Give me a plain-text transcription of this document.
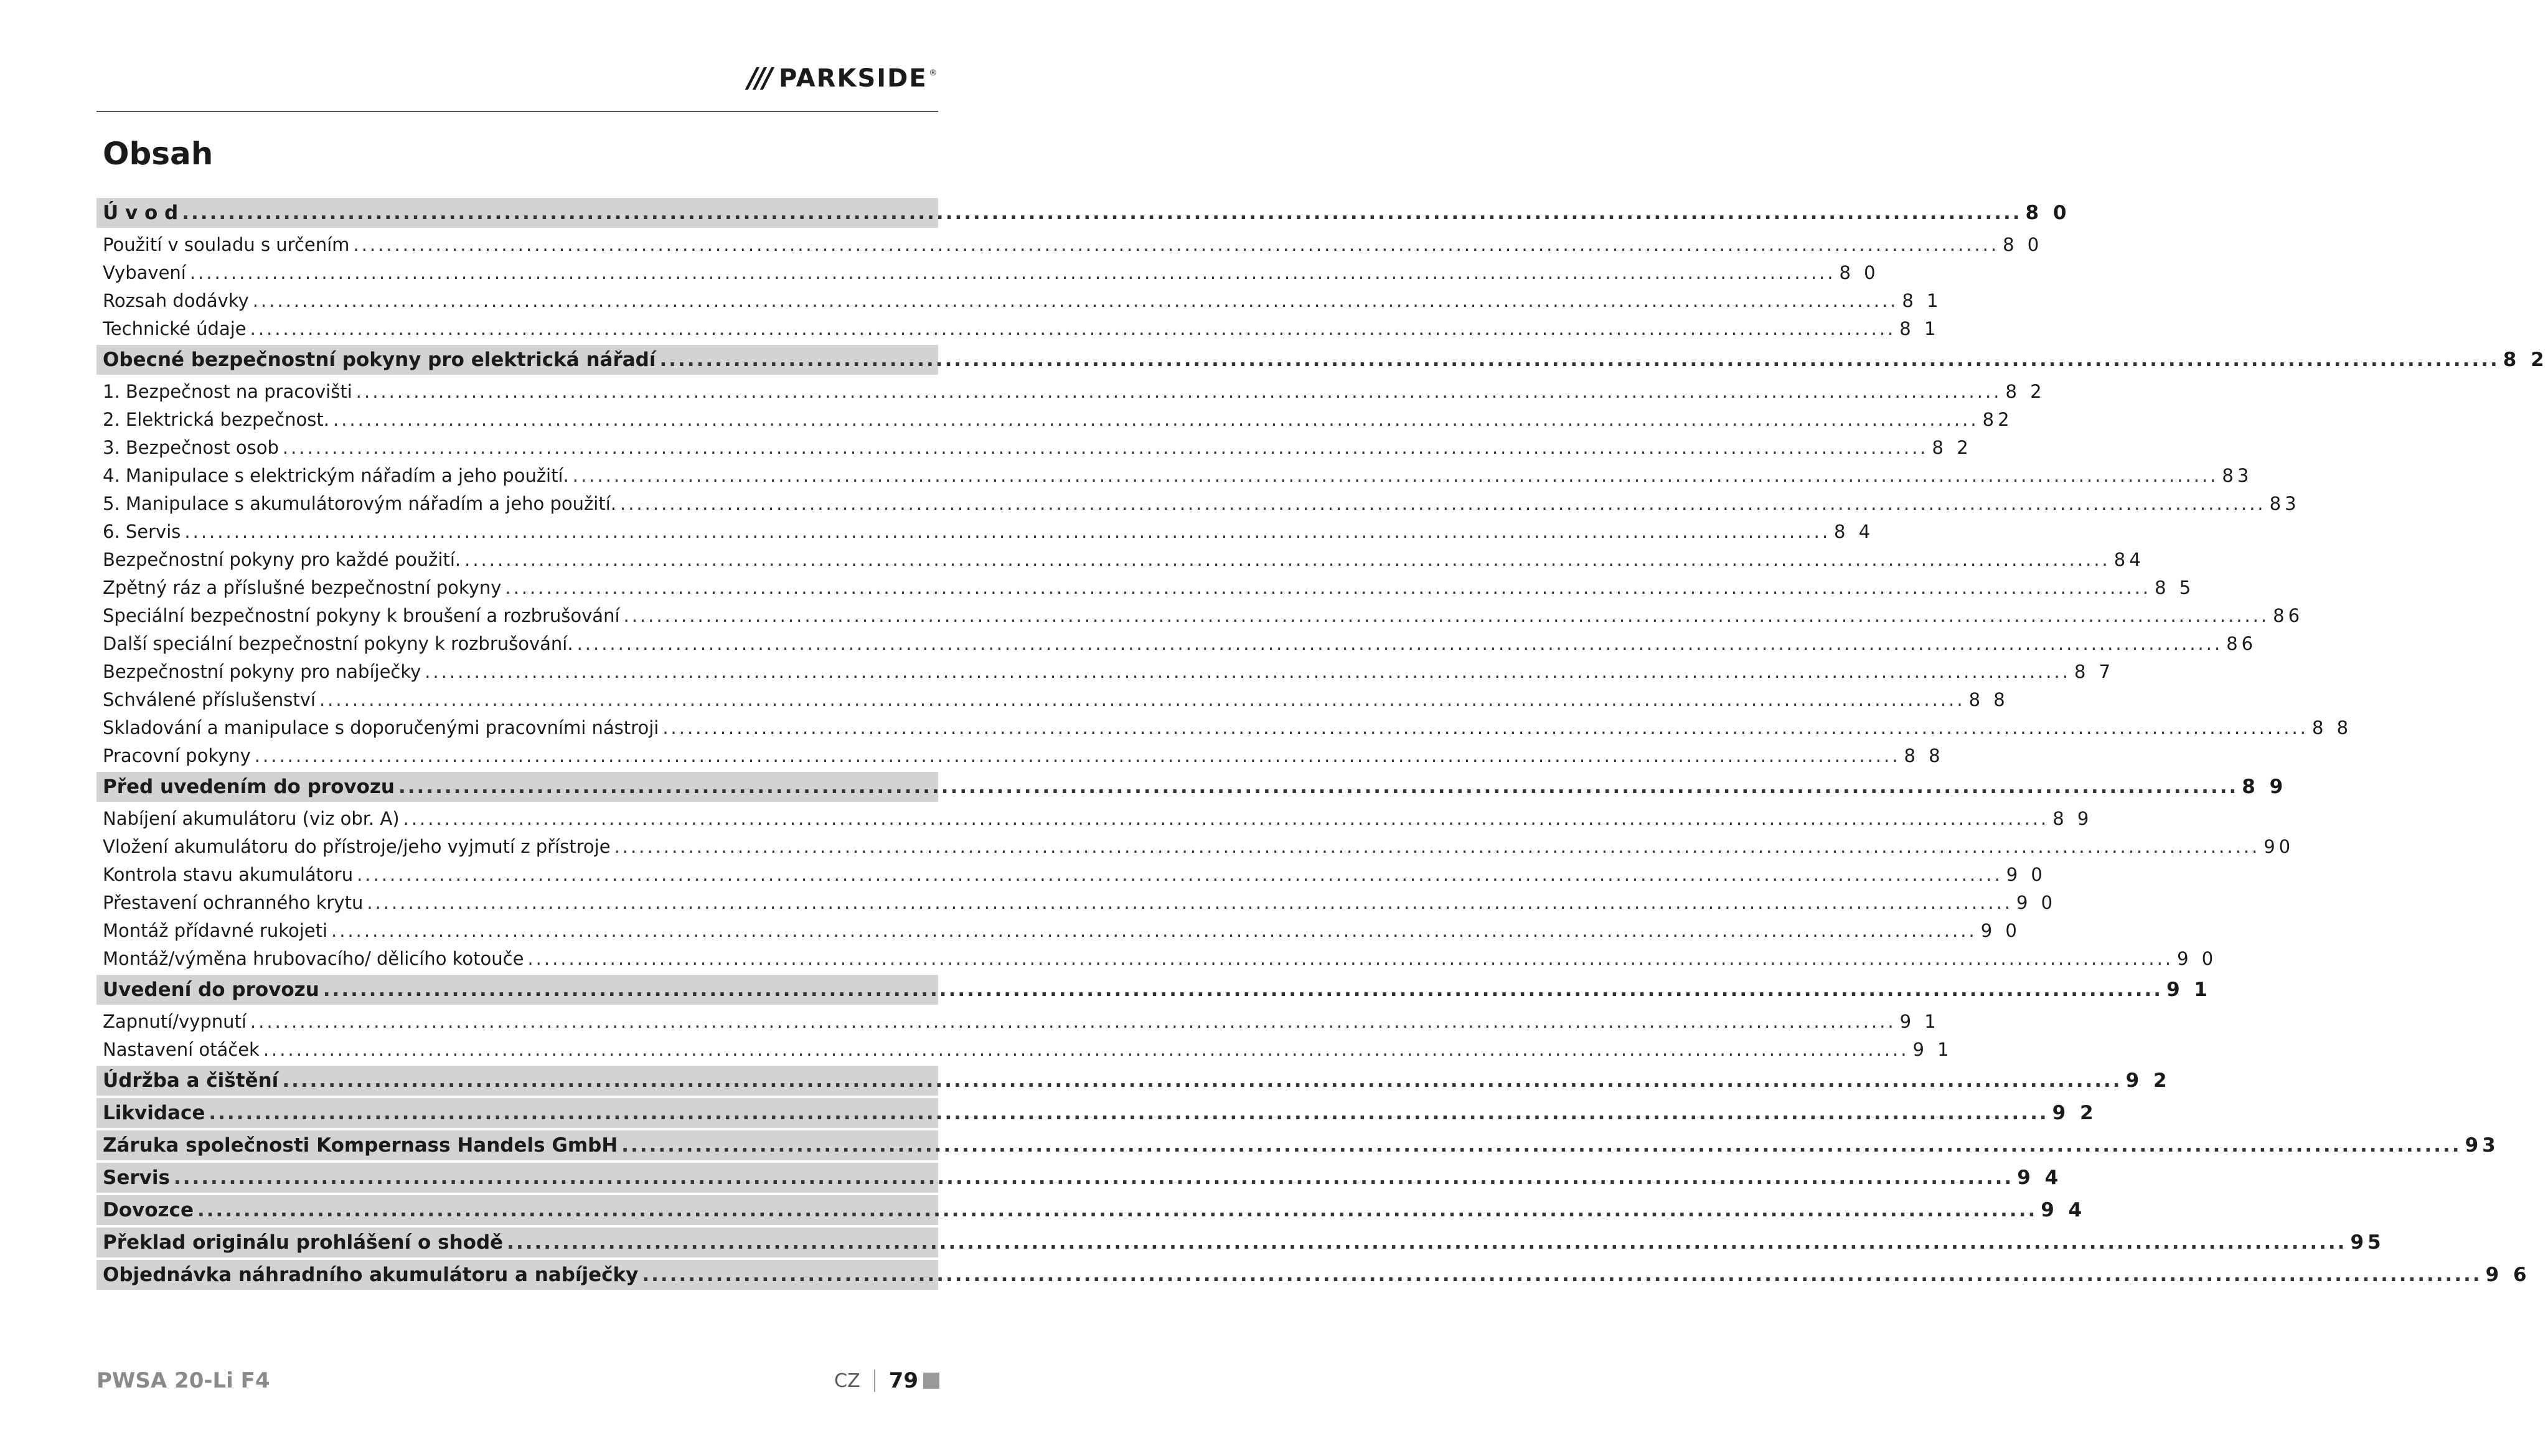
/// PARKSIDE ®
Obsah
Ú v o d ........................................................................................................................................................................................................ 8 0
Použití v souladu s určením ........................................................................................................................................................................................................ 8 0
Vybavení ........................................................................................................................................................................................................ 8 0
Rozsah dodávky ........................................................................................................................................................................................................ 8 1
Technické údaje ........................................................................................................................................................................................................ 8 1
Obecné bezpečnostní pokyny pro elektrická nářadí ........................................................................................................................................................................................................ 8 2
1. Bezpečnost na pracovišti ........................................................................................................................................................................................................ 8 2
2. Elektrická bezpečnost. ........................................................................................................................................................................................................ 82
3. Bezpečnost osob ........................................................................................................................................................................................................ 8 2
4. Manipulace s elektrickým nářadím a jeho použití. ........................................................................................................................................................................................................ 83
5. Manipulace s akumulátorovým nářadím a jeho použití. ........................................................................................................................................................................................................ 83
6. Servis ........................................................................................................................................................................................................ 8 4
Bezpečnostní pokyny pro každé použití. ........................................................................................................................................................................................................ 84
Zpětný ráz a příslušné bezpečnostní pokyny ........................................................................................................................................................................................................ 8 5
Speciální bezpečnostní pokyny k broušení a rozbrušování ........................................................................................................................................................................................................ 86
Další speciální bezpečnostní pokyny k rozbrušování. ........................................................................................................................................................................................................ 86
Bezpečnostní pokyny pro nabíječky ........................................................................................................................................................................................................ 8 7
Schválené příslušenství ........................................................................................................................................................................................................ 8 8
Skladování a manipulace s doporučenými pracovními nástroji ........................................................................................................................................................................................................ 8 8
Pracovní pokyny ........................................................................................................................................................................................................ 8 8
Před uvedením do provozu ........................................................................................................................................................................................................ 8 9
Nabíjení akumulátoru (viz obr. A) ........................................................................................................................................................................................................ 8 9
Vložení akumulátoru do přístroje/jeho vyjmutí z přístroje ........................................................................................................................................................................................................ 90
Kontrola stavu akumulátoru ........................................................................................................................................................................................................ 9 0
Přestavení ochranného krytu ........................................................................................................................................................................................................ 9 0
Montáž přídavné rukojeti ........................................................................................................................................................................................................ 9 0
Montáž/výměna hrubovacího/ dělicího kotouče ........................................................................................................................................................................................................ 9 0
Uvedení do provozu ........................................................................................................................................................................................................ 9 1
Zapnutí/vypnutí ........................................................................................................................................................................................................ 9 1
Nastavení otáček ........................................................................................................................................................................................................ 9 1
Údržba a čištění ........................................................................................................................................................................................................ 9 2
Likvidace ........................................................................................................................................................................................................ 9 2
Záruka společnosti Kompernass Handels GmbH ........................................................................................................................................................................................................ 93
Servis ........................................................................................................................................................................................................ 9 4
Dovozce ........................................................................................................................................................................................................ 9 4
Překlad originálu prohlášení o shodě ........................................................................................................................................................................................................ 95
Objednávka náhradního akumulátoru a nabíječky ........................................................................................................................................................................................................ 9 6
PWSA 20-Li F4	CZ 79
